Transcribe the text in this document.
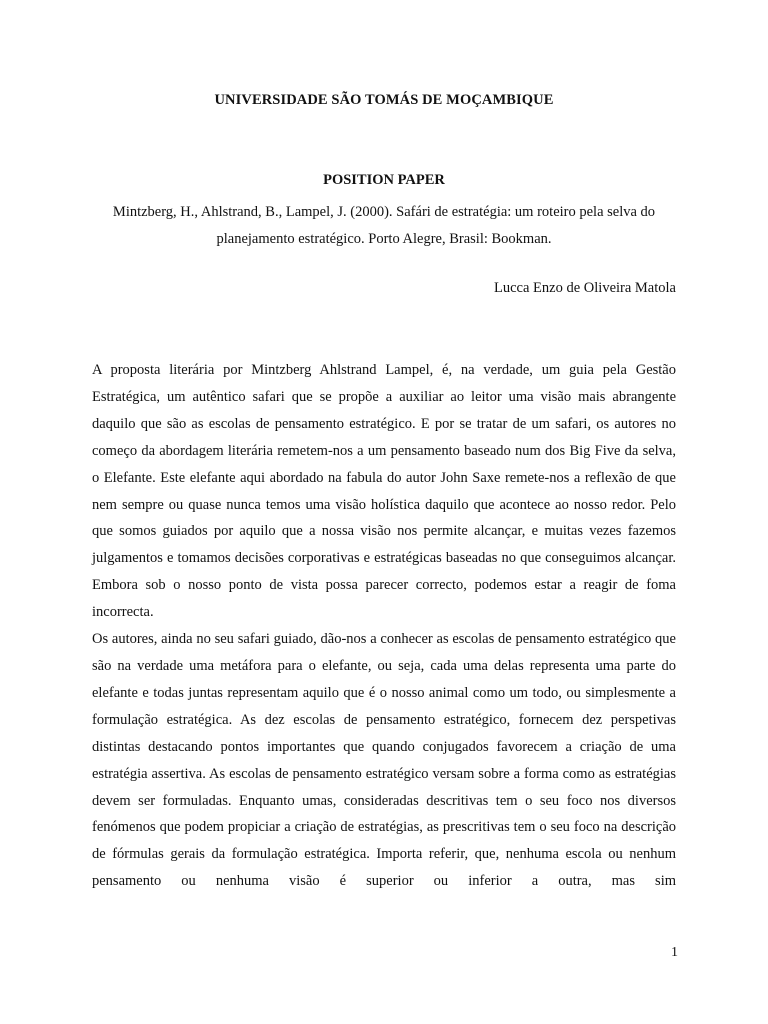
UNIVERSIDADE SÃO TOMÁS DE MOÇAMBIQUE
POSITION PAPER
Mintzberg, H., Ahlstrand, B., Lampel, J. (2000). Safári de estratégia: um roteiro pela selva do planejamento estratégico. Porto Alegre, Brasil: Bookman.
Lucca Enzo de Oliveira Matola

A proposta literária por Mintzberg Ahlstrand Lampel, é, na verdade, um guia pela Gestão Estratégica, um autêntico safari que se propõe a auxiliar ao leitor uma visão mais abrangente daquilo que são as escolas de pensamento estratégico. E por se tratar de um safari, os autores no começo da abordagem literária remetem-nos a um pensamento baseado num dos Big Five da selva, o Elefante. Este elefante aqui abordado na fabula do autor John Saxe remete-nos a reflexão de que nem sempre ou quase nunca temos uma visão holística daquilo que acontece ao nosso redor. Pelo que somos guiados por aquilo que a nossa visão nos permite alcançar, e muitas vezes fazemos julgamentos e tomamos decisões corporativas e estratégicas baseadas no que conseguimos alcançar. Embora sob o nosso ponto de vista possa parecer correcto, podemos estar a reagir de foma incorrecta.

Os autores, ainda no seu safari guiado, dão-nos a conhecer as escolas de pensamento estratégico que são na verdade uma metáfora para o elefante, ou seja, cada uma delas representa uma parte do elefante e todas juntas representam aquilo que é o nosso animal como um todo, ou simplesmente a formulação estratégica. As dez escolas de pensamento estratégico, fornecem dez perspetivas distintas destacando pontos importantes que quando conjugados favorecem a criação de uma estratégia assertiva. As escolas de pensamento estratégico versam sobre a forma como as estratégias devem ser formuladas. Enquanto umas, consideradas descritivas tem o seu foco nos diversos fenómenos que podem propiciar a criação de estratégias, as prescritivas tem o seu foco na descrição de fórmulas gerais da formulação estratégica. Importa referir, que, nenhuma escola ou nenhum pensamento ou nenhuma visão é superior ou inferior a outra, mas sim

1
